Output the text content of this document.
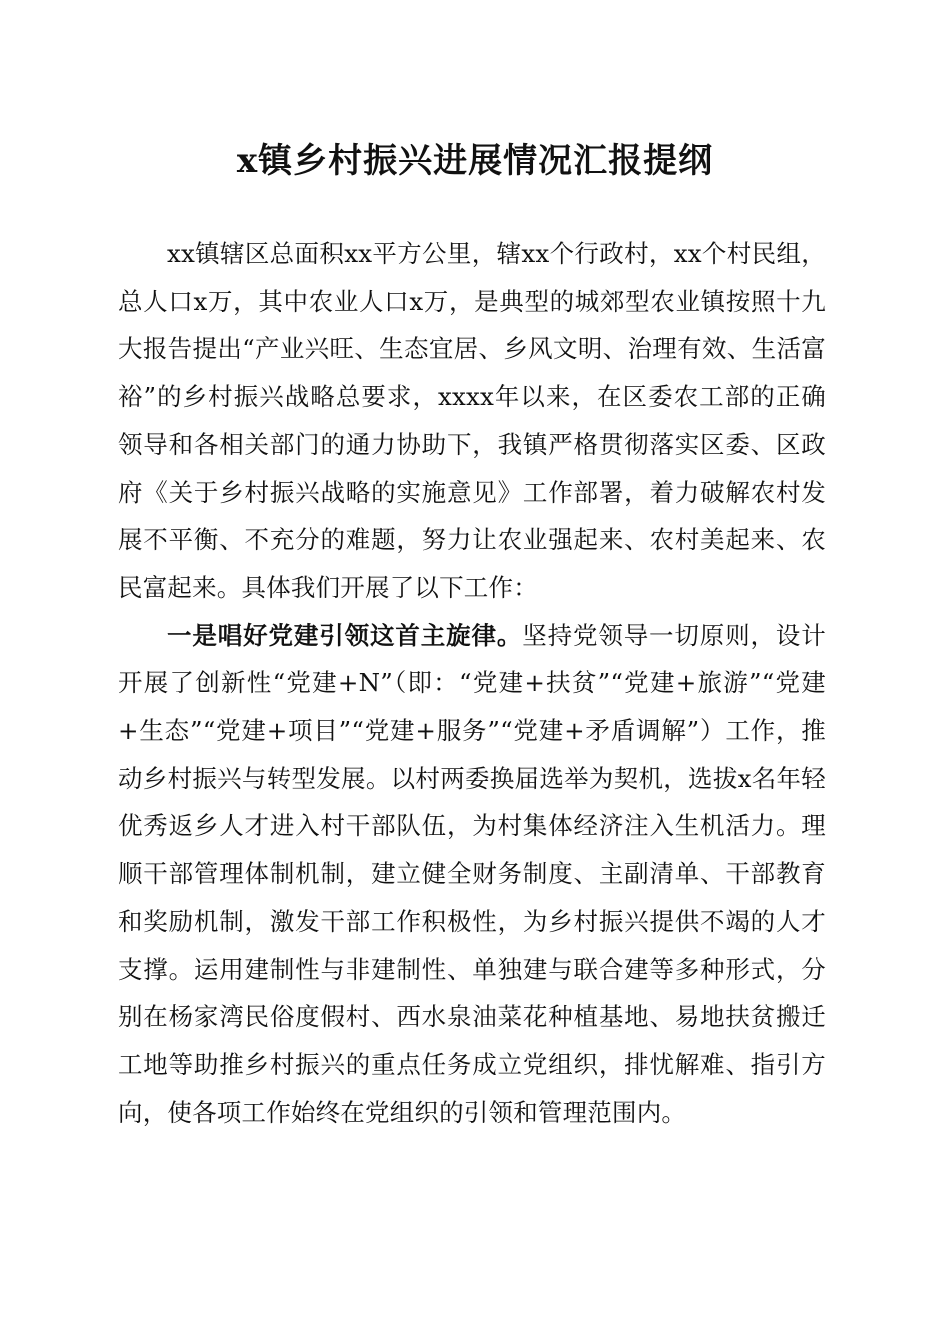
x镇乡村振兴进展情况汇报提纲

xx镇辖区总面积xx平方公里，辖xx个行政村，xx个村民组，总人口x万，其中农业人口x万，是典型的城郊型农业镇按照十九大报告提出“产业兴旺、生态宜居、乡风文明、治理有效、生活富裕”的乡村振兴战略总要求，xxxx年以来，在区委农工部的正确领导和各相关部门的通力协助下，我镇严格贯彻落实区委、区政府《关于乡村振兴战略的实施意见》工作部署，着力破解农村发展不平衡、不充分的难题，努力让农业强起来、农村美起来、农民富起来。具体我们开展了以下工作：

一是唱好党建引领这首主旋律。坚持党领导一切原则，设计开展了创新性“党建+N”（即：“党建+扶贫”“党建+旅游”“党建+生态”“党建+项目”“党建+服务”“党建+矛盾调解”）工作，推动乡村振兴与转型发展。以村两委换届选举为契机，选拔x名年轻优秀返乡人才进入村干部队伍，为村集体经济注入生机活力。理顺干部管理体制机制，建立健全财务制度、主副清单、干部教育和奖励机制，激发干部工作积极性，为乡村振兴提供不竭的人才支撑。运用建制性与非建制性、单独建与联合建等多种形式，分别在杨家湾民俗度假村、西水泉油菜花种植基地、易地扶贫搬迁工地等助推乡村振兴的重点任务成立党组织，排忧解难、指引方向，使各项工作始终在党组织的引领和管理范围内。
